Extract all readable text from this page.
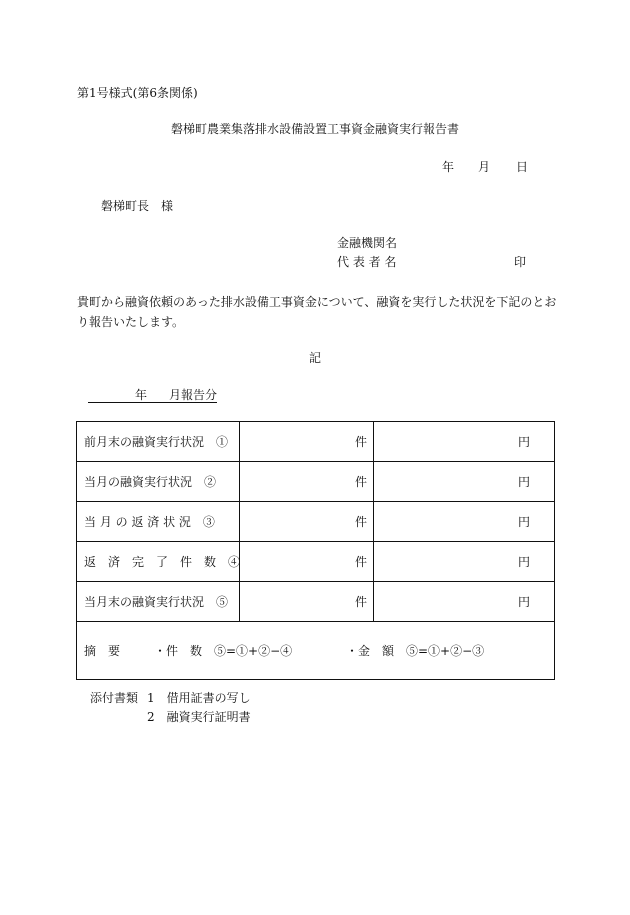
第1号様式(第6条関係)
磐梯町農業集落排水設備設置工事資金融資実行報告書
年 月 日
磐梯町長　様
金融機関名
代 表 者 名	印
貴町から融資依頼のあった排水設備工事資金について、融資を実行した状況を下記のとおり報告いたします。
記
年 月報告分
前月末の融資実行状況　①	件	円
当月の融資実行状況　②	件	円
当 月 の 返 済 状 況　③	件	円
返　済　完　了　件　数　④	件	円
当月末の融資実行状況　⑤	件	円
摘　要 ・件　数　⑤=①+②−④ ・金　額　⑤=①+②−③		
添付書類 1　借用証書の写し
2　融資実行証明書
